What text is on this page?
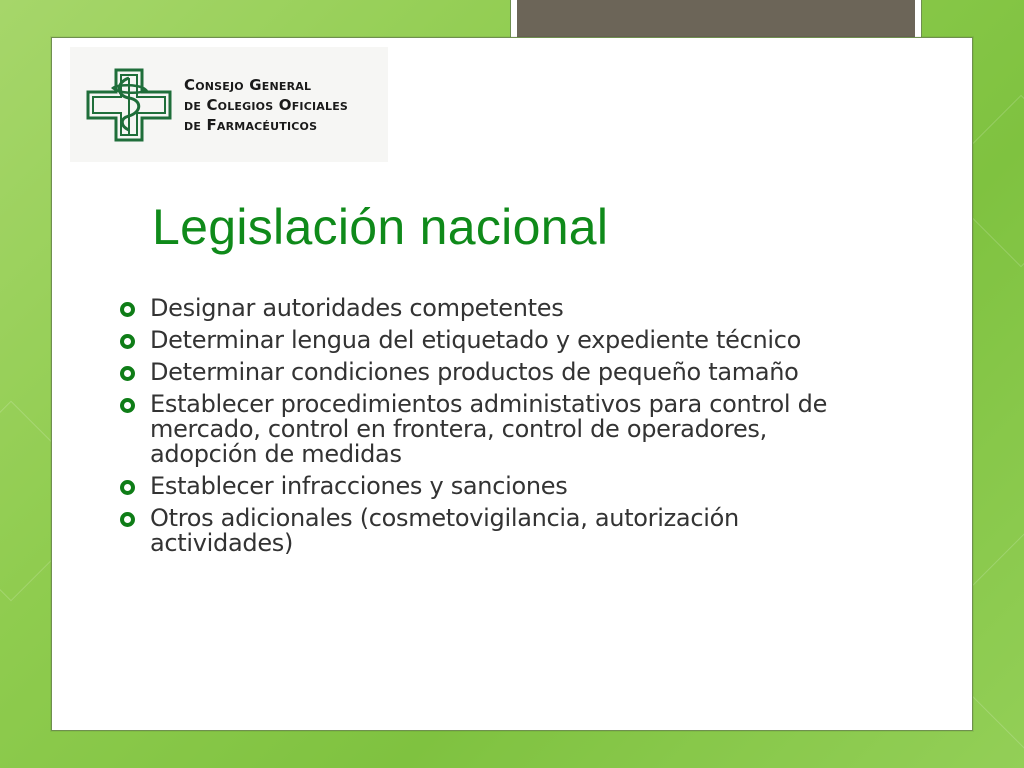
Consejo General
de Colegios Oficiales
de Farmacéuticos
Legislación nacional
Designar autoridades competentes
Determinar lengua del etiquetado y expediente técnico
Determinar condiciones productos de pequeño tamaño
Establecer procedimientos administativos para control de mercado, control en frontera, control de operadores, adopción de medidas
Establecer infracciones y sanciones
Otros adicionales (cosmetovigilancia, autorización actividades)
